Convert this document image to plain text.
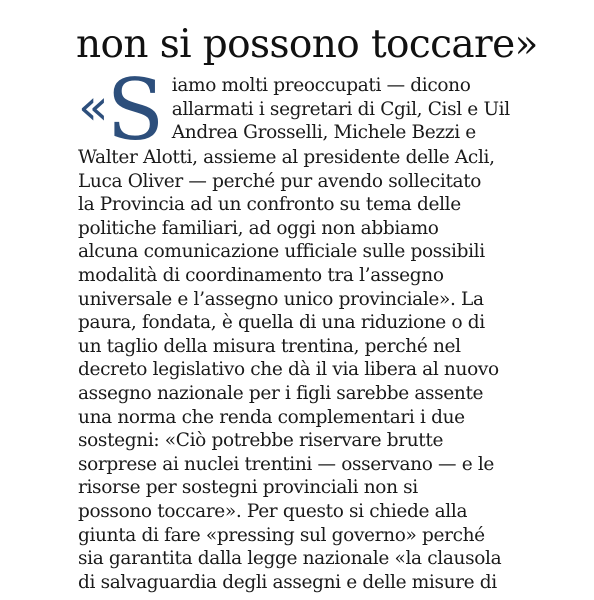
non si possono toccare»
« S iamo molti preoccupati — dicono
allarmati i segretari di Cgil, Cisl e Uil
Andrea Grosselli, Michele Bezzi e
Walter Alotti, assieme al presidente delle Acli,
Luca Oliver — perché pur avendo sollecitato
la Provincia ad un confronto su tema delle
politiche familiari, ad oggi non abbiamo
alcuna comunicazione ufficiale sulle possibili
modalità di coordinamento tra l’assegno
universale e l’assegno unico provinciale». La
paura, fondata, è quella di una riduzione o di
un taglio della misura trentina, perché nel
decreto legislativo che dà il via libera al nuovo
assegno nazionale per i figli sarebbe assente
una norma che renda complementari i due
sostegni: «Ciò potrebbe riservare brutte
sorprese ai nuclei trentini — osservano — e le
risorse per sostegni provinciali non si
possono toccare». Per questo si chiede alla
giunta di fare «pressing sul governo» perché
sia garantita dalla legge nazionale «la clausola
di salvaguardia degli assegni e delle misure di
